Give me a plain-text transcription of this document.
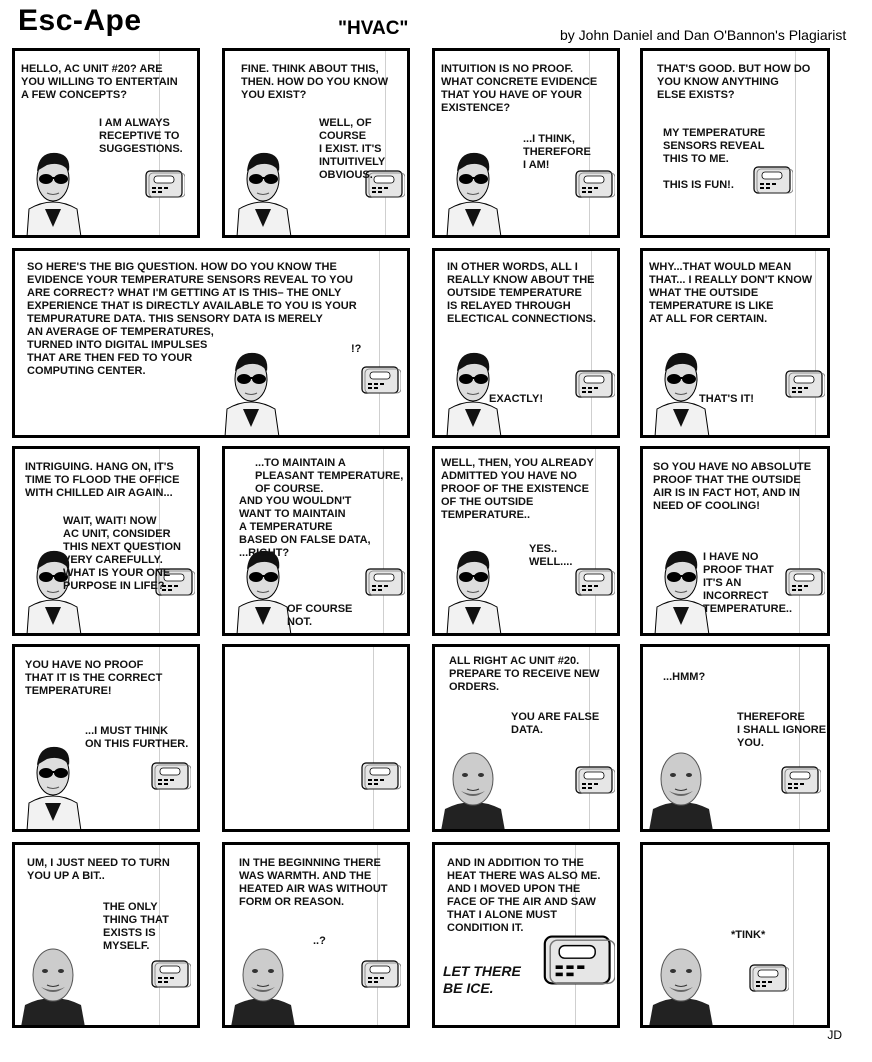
Esc-Ape	"HVAC"	by John Daniel and Dan O'Bannon's Plagiarist
HELLO, AC UNIT #20? ARE
YOU WILLING TO ENTERTAIN
A FEW CONCEPTS?
I AM ALWAYS
RECEPTIVE TO
SUGGESTIONS.
FINE. THINK ABOUT THIS,
THEN. HOW DO YOU KNOW
YOU EXIST?
WELL, OF COURSE
I EXIST. IT'S
INTUITIVELY
OBVIOUS.
INTUITION IS NO PROOF.
WHAT CONCRETE EVIDENCE
THAT YOU HAVE OF YOUR
EXISTENCE?
...I THINK,
THEREFORE
I AM!
THAT'S GOOD. BUT HOW DO
YOU KNOW ANYTHING
ELSE EXISTS?
MY TEMPERATURE
SENSORS REVEAL
THIS TO ME.
THIS IS FUN!.
SO HERE'S THE BIG QUESTION. HOW DO YOU KNOW THE
EVIDENCE YOUR TEMPERATURE SENSORS REVEAL TO YOU
ARE CORRECT? WHAT I'M GETTING AT IS THIS– THE ONLY
EXPERIENCE THAT IS DIRECTLY AVAILABLE TO YOU IS YOUR
TEMPURATURE DATA. THIS SENSORY DATA IS MERELY
AN AVERAGE OF TEMPERATURES,
TURNED INTO DIGITAL IMPULSES
THAT ARE THEN FED TO YOUR
COMPUTING CENTER.
!?
IN OTHER WORDS, ALL I
REALLY KNOW ABOUT THE
OUTSIDE TEMPERATURE
IS RELAYED THROUGH
ELECTICAL CONNECTIONS.
EXACTLY!
WHY...THAT WOULD MEAN
THAT... I REALLY DON'T KNOW
WHAT THE OUTSIDE
TEMPERATURE IS LIKE
AT ALL FOR CERTAIN.
THAT'S IT!
INTRIGUING. HANG ON, IT'S
TIME TO FLOOD THE OFFICE
WITH CHILLED AIR AGAIN...
WAIT, WAIT! NOW
AC UNIT, CONSIDER
THIS NEXT QUESTION
VERY CAREFULLY.
WHAT IS YOUR ONE
PURPOSE IN LIFE?
...TO MAINTAIN A
PLEASANT TEMPERATURE,
OF COURSE.
AND YOU WOULDN'T
WANT TO MAINTAIN
A TEMPERATURE
BASED ON FALSE DATA,
...RIGHT?
OF COURSE
NOT.
WELL, THEN, YOU ALREADY
ADMITTED YOU HAVE NO
PROOF OF THE EXISTENCE
OF THE OUTSIDE
TEMPERATURE..
YES..
WELL....
SO YOU HAVE NO ABSOLUTE
PROOF THAT THE OUTSIDE
AIR IS IN FACT HOT, AND IN
NEED OF COOLING!
I HAVE NO
PROOF THAT
IT'S AN
INCORRECT
TEMPERATURE..
YOU HAVE NO PROOF
THAT IT IS THE CORRECT
TEMPERATURE!
...I MUST THINK
ON THIS FURTHER.
ALL RIGHT AC UNIT #20.
PREPARE TO RECEIVE NEW
ORDERS.
YOU ARE FALSE
DATA.
...HMM?
THEREFORE
I SHALL IGNORE
YOU.
UM, I JUST NEED TO TURN
YOU UP A BIT..
THE ONLY
THING THAT
EXISTS IS
MYSELF.
IN THE BEGINNING THERE
WAS WARMTH. AND THE
HEATED AIR WAS WITHOUT
FORM OR REASON.
..?
AND IN ADDITION TO THE
HEAT THERE WAS ALSO ME.
AND I MOVED UPON THE
FACE OF THE AIR AND SAW
THAT I ALONE MUST
CONDITION IT.
LET THERE
BE ICE.
*TINK*
JD
